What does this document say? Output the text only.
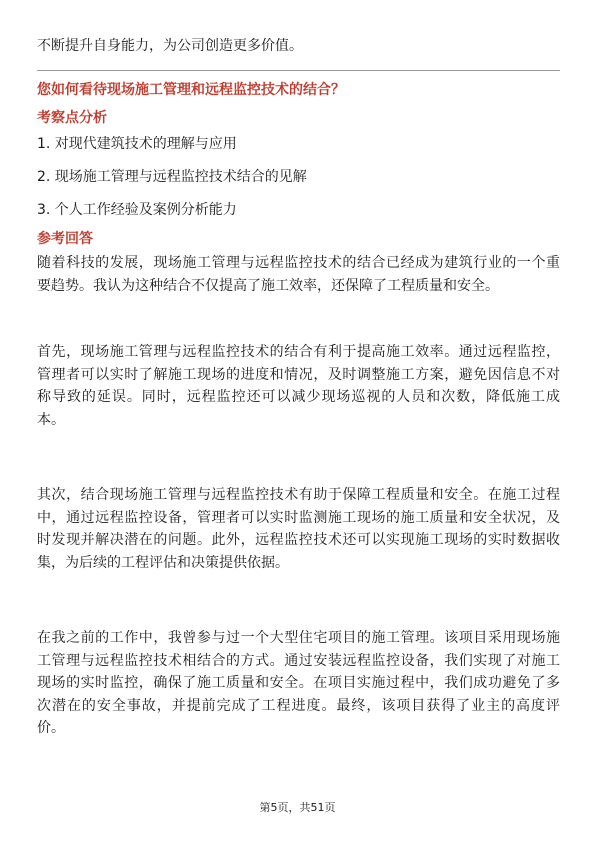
不断提升自身能力，为公司创造更多价值。

您如何看待现场施工管理和远程监控技术的结合？
考察点分析
1. 对现代建筑技术的理解与应用
2. 现场施工管理与远程监控技术结合的见解
3. 个人工作经验及案例分析能力
参考回答

随着科技的发展，现场施工管理与远程监控技术的结合已经成为建筑行业的一个重
要趋势。我认为这种结合不仅提高了施工效率，还保障了工程质量和安全。

首先，现场施工管理与远程监控技术的结合有利于提高施工效率。通过远程监控，
管理者可以实时了解施工现场的进度和情况，及时调整施工方案，避免因信息不对
称导致的延误。同时，远程监控还可以减少现场巡视的人员和次数，降低施工成
本。

其次，结合现场施工管理与远程监控技术有助于保障工程质量和安全。在施工过程
中，通过远程监控设备，管理者可以实时监测施工现场的施工质量和安全状况，及
时发现并解决潜在的问题。此外，远程监控技术还可以实现施工现场的实时数据收
集，为后续的工程评估和决策提供依据。

在我之前的工作中，我曾参与过一个大型住宅项目的施工管理。该项目采用现场施
工管理与远程监控技术相结合的方式。通过安装远程监控设备，我们实现了对施工
现场的实时监控，确保了施工质量和安全。在项目实施过程中，我们成功避免了多
次潜在的安全事故，并提前完成了工程进度。最终，该项目获得了业主的高度评
价。

第5页，共51页
